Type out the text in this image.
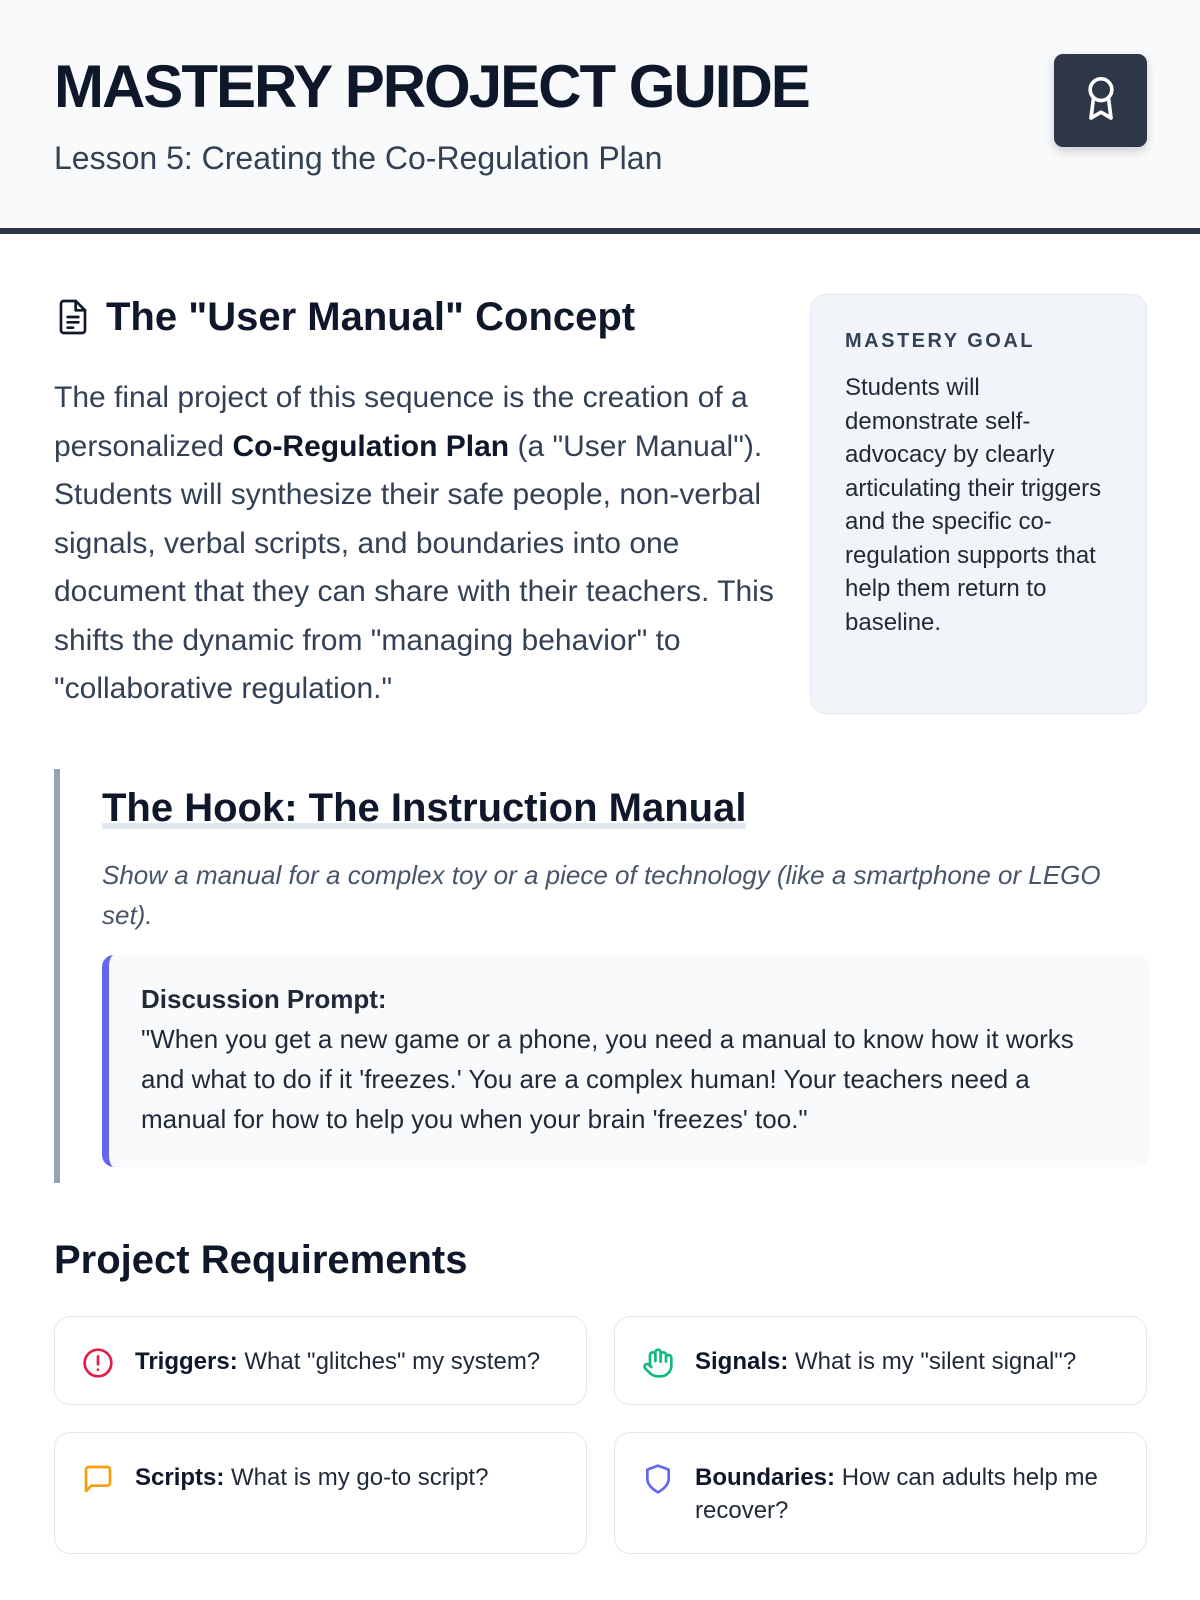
MASTERY PROJECT GUIDE

Lesson 5: Creating the Co-Regulation Plan

The "User Manual" Concept

The final project of this sequence is the creation of a personalized Co-Regulation Plan (a "User Manual"). Students will synthesize their safe people, non-verbal signals, verbal scripts, and boundaries into one document that they can share with their teachers. This shifts the dynamic from "managing behavior" to "collaborative regulation."

MASTERY GOAL

Students will demonstrate self-advocacy by clearly articulating their triggers and the specific co-regulation supports that help them return to baseline.

The Hook: The Instruction Manual

Show a manual for a complex toy or a piece of technology (like a smartphone or LEGO set).

Discussion Prompt:

"When you get a new game or a phone, you need a manual to know how it works and what to do if it 'freezes.' You are a complex human! Your teachers need a manual for how to help you when your brain 'freezes' too."

Project Requirements

Triggers: What "glitches" my system?	Signals: What is my "silent signal"?

Scripts: What is my go-to script?	Boundaries: How can adults help me recover?
